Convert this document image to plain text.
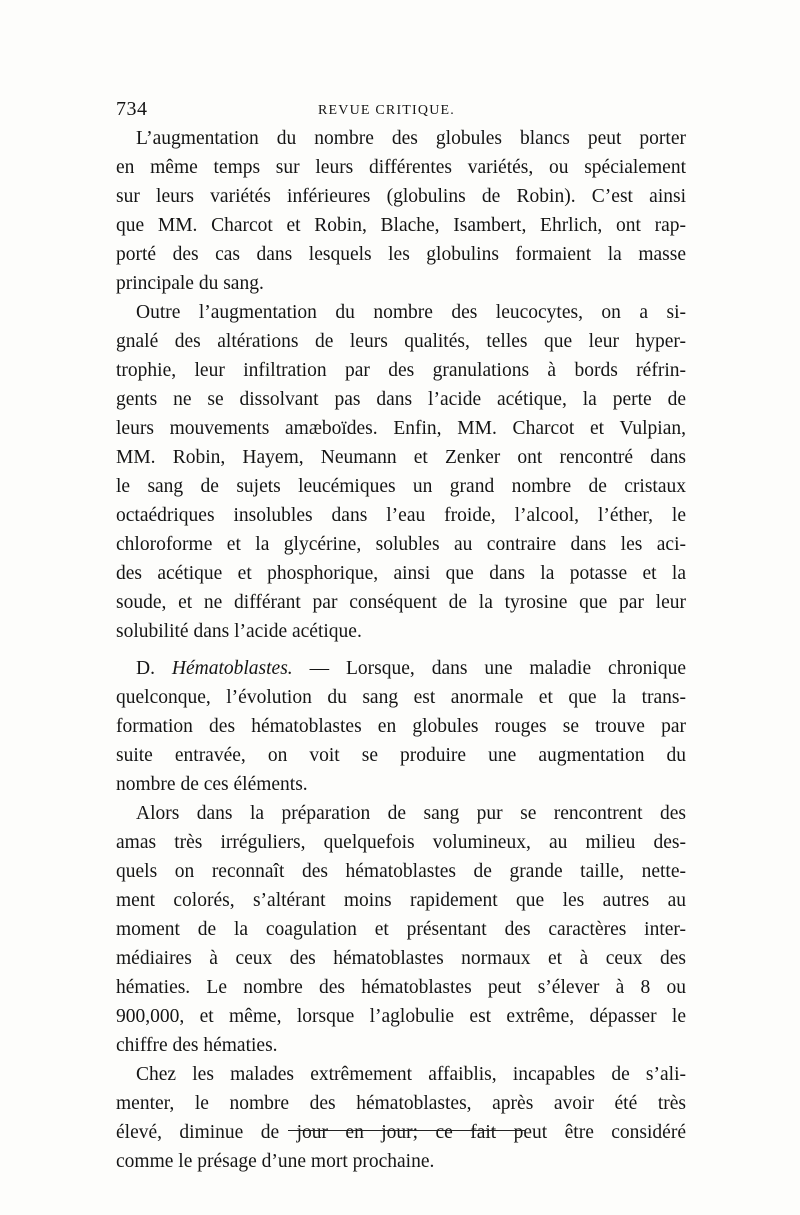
734	REVUE CRITIQUE.
L’augmentation du nombre des globules blancs peut porter
en même temps sur leurs différentes variétés, ou spécialement
sur leurs variétés inférieures (globulins de Robin). C’est ainsi
que MM. Charcot et Robin, Blache, Isambert, Ehrlich, ont rap-
porté des cas dans lesquels les globulins formaient la masse
principale du sang.
Outre l’augmentation du nombre des leucocytes, on a si-
gnalé des altérations de leurs qualités, telles que leur hyper-
trophie, leur infiltration par des granulations à bords réfrin-
gents ne se dissolvant pas dans l’acide acétique, la perte de
leurs mouvements amæboïdes. Enfin, MM. Charcot et Vulpian,
MM. Robin, Hayem, Neumann et Zenker ont rencontré dans
le sang de sujets leucémiques un grand nombre de cristaux
octaédriques insolubles dans l’eau froide, l’alcool, l’éther, le
chloroforme et la glycérine, solubles au contraire dans les aci-
des acétique et phosphorique, ainsi que dans la potasse et la
soude, et ne différant par conséquent de la tyrosine que par leur
solubilité dans l’acide acétique.
D. Hématoblastes. — Lorsque, dans une maladie chronique
quelconque, l’évolution du sang est anormale et que la trans-
formation des hématoblastes en globules rouges se trouve par
suite entravée, on voit se produire une augmentation du
nombre de ces éléments.
Alors dans la préparation de sang pur se rencontrent des
amas très irréguliers, quelquefois volumineux, au milieu des-
quels on reconnaît des hématoblastes de grande taille, nette-
ment colorés, s’altérant moins rapidement que les autres au
moment de la coagulation et présentant des caractères inter-
médiaires à ceux des hématoblastes normaux et à ceux des
hématies. Le nombre des hématoblastes peut s’élever à 8 ou
900,000, et même, lorsque l’aglobulie est extrême, dépasser le
chiffre des hématies.
Chez les malades extrêmement affaiblis, incapables de s’ali-
menter, le nombre des hématoblastes, après avoir été très
élevé, diminue de jour en jour; ce fait peut être considéré
comme le présage d’une mort prochaine.
